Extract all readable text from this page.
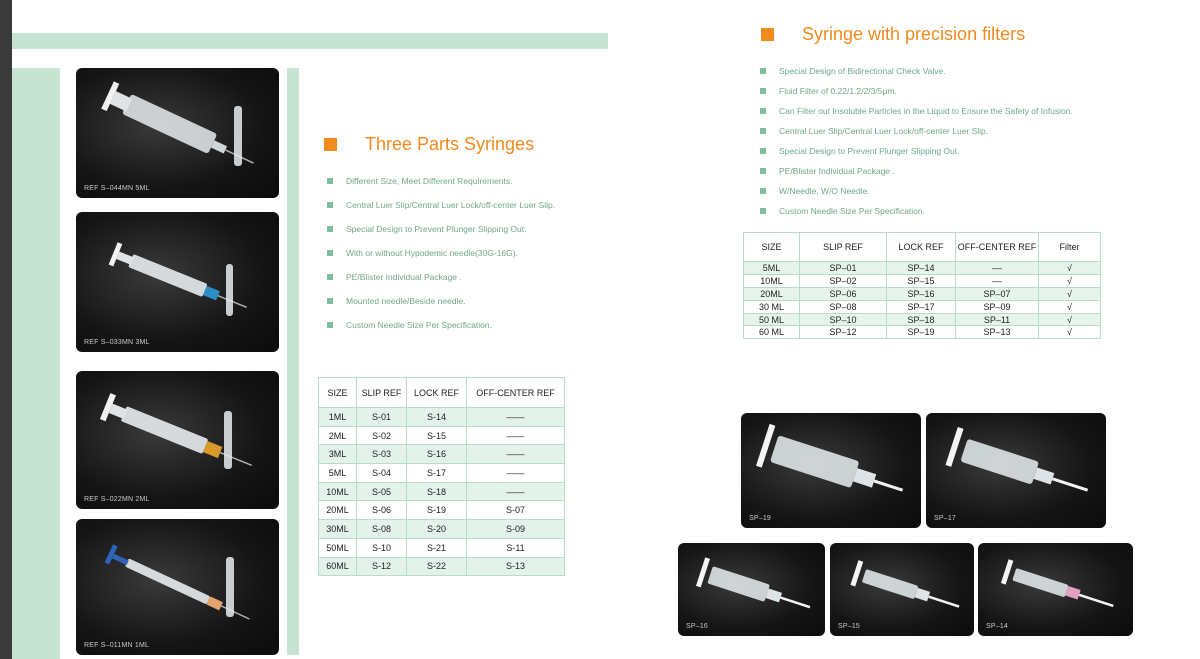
REF S–044MN 5ML
REF S–033MN 3ML
REF S–022MN 2ML
REF S–011MN 1ML
Three Parts Syringes
Different Size, Meet Different Requirements.
Central Luer Slip/Central Luer Lock/off-center Luer Slip.
Special Design to Prevent Plunger Slipping Out.
With or without Hypodemic needle(30G-16G).
PE/Blister Individual Package .
Mounted needle/Beside needle.
Custom Needle Size Per Specification.
SIZE	SLIP REF	LOCK REF	OFF-CENTER REF
1ML	S-01	S-14	——
2ML	S-02	S-15	——
3ML	S-03	S-16	——
5ML	S-04	S-17	——
10ML	S-05	S-18	——
20ML	S-06	S-19	S-07
30ML	S-08	S-20	S-09
50ML	S-10	S-21	S-11
60ML	S-12	S-22	S-13
Syringe with precision filters
Special Design of Bidirectional Check Valve.
Fluid Filter of 0.22/1.2/2/3/5μm.
Can Filter out Insoluble Particles in the Liquid to Ensure the Safety of Infusion.
Central Luer Slip/Central Luer Lock/off-center Luer Slip.
Special Design to Prevent Plunger Slipping Out.
PE/Blister Individual Package .
W/Needle, W/O Needle.
Custom Needle Size Per Specification.
SIZE	SLIP REF	LOCK REF	OFF-CENTER REF	Filter
5ML	SP–01	SP–14	––	√
10ML	SP–02	SP–15	––	√
20ML	SP–06	SP–16	SP–07	√
30 ML	SP–08	SP–17	SP–09	√
50 ML	SP–10	SP–18	SP–11	√
60 ML	SP–12	SP–19	SP–13	√
SP–19	SP–17
SP–16	SP–15	SP–14
